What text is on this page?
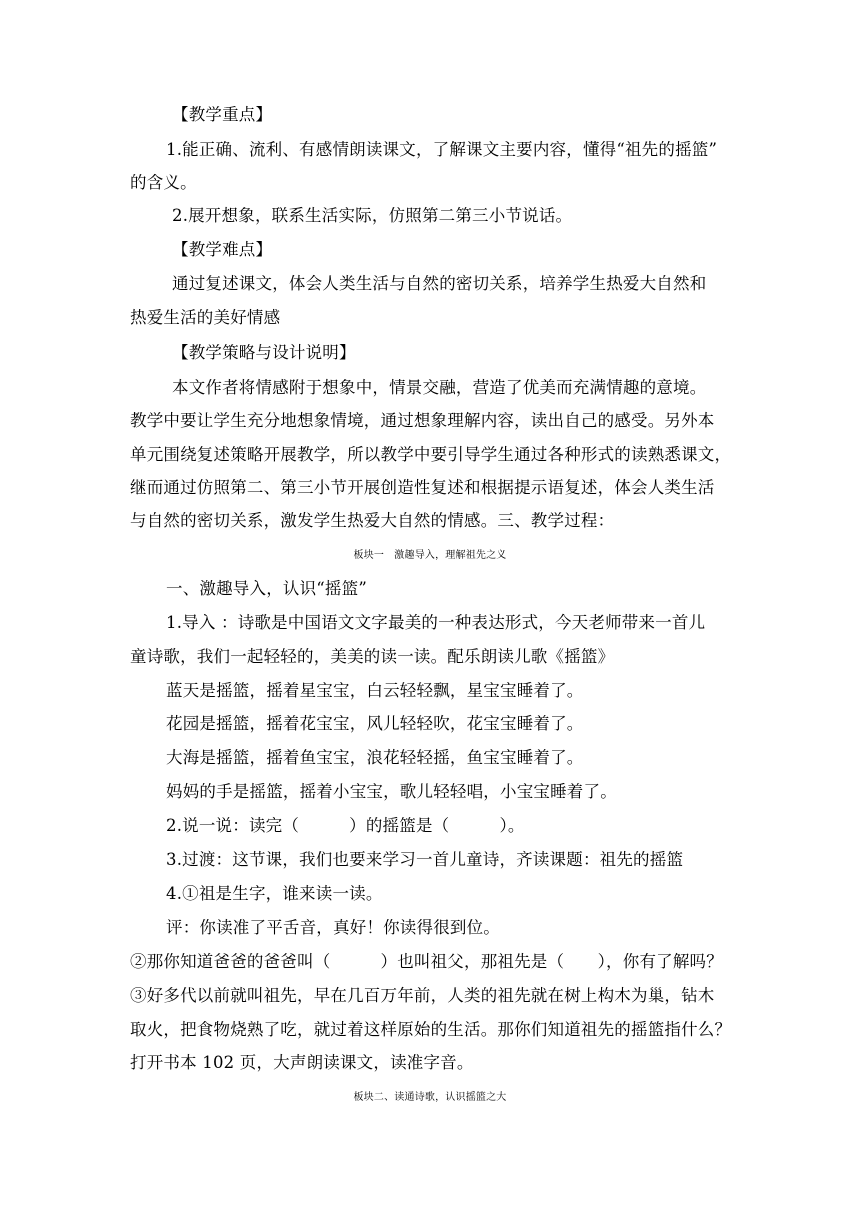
【教学重点】
1.能正确、流利、有感情朗读课文，了解课文主要内容，懂得“祖先的摇篮”
的含义。
2.展开想象，联系生活实际，仿照第二第三小节说话。
【教学难点】
通过复述课文，体会人类生活与自然的密切关系，培养学生热爱大自然和
热爱生活的美好情感
【教学策略与设计说明】
本文作者将情感附于想象中，情景交融，营造了优美而充满情趣的意境。
教学中要让学生充分地想象情境，通过想象理解内容，读出自己的感受。另外本
单元围绕复述策略开展教学，所以教学中要引导学生通过各种形式的读熟悉课文，
继而通过仿照第二、第三小节开展创造性复述和根据提示语复述，体会人类生活
与自然的密切关系，激发学生热爱大自然的情感。三、教学过程：
板块一　激趣导入，理解祖先之义
一、激趣导入，认识“摇篮”
1.导入 ：诗歌是中国语文文字最美的一种表达形式，今天老师带来一首儿
童诗歌，我们一起轻轻的，美美的读一读。配乐朗读儿歌《摇篮》
蓝天是摇篮，摇着星宝宝，白云轻轻飘，星宝宝睡着了。
花园是摇篮，摇着花宝宝，风儿轻轻吹，花宝宝睡着了。
大海是摇篮，摇着鱼宝宝，浪花轻轻摇，鱼宝宝睡着了。
妈妈的手是摇篮，摇着小宝宝，歌儿轻轻唱，小宝宝睡着了。
2.说一说：读完（　　　）的摇篮是（　　　）。
3.过渡：这节课，我们也要来学习一首儿童诗，齐读课题：祖先的摇篮
4.①祖是生字，谁来读一读。
评：你读准了平舌音，真好！你读得很到位。
②那你知道爸爸的爸爸叫（　　　）也叫祖父，那祖先是（　　），你有了解吗？
③好多代以前就叫祖先，早在几百万年前，人类的祖先就在树上构木为巢，钻木
取火，把食物烧熟了吃，就过着这样原始的生活。那你们知道祖先的摇篮指什么？
打开书本 102 页，大声朗读课文，读准字音。
板块二、读通诗歌，认识摇篮之大
